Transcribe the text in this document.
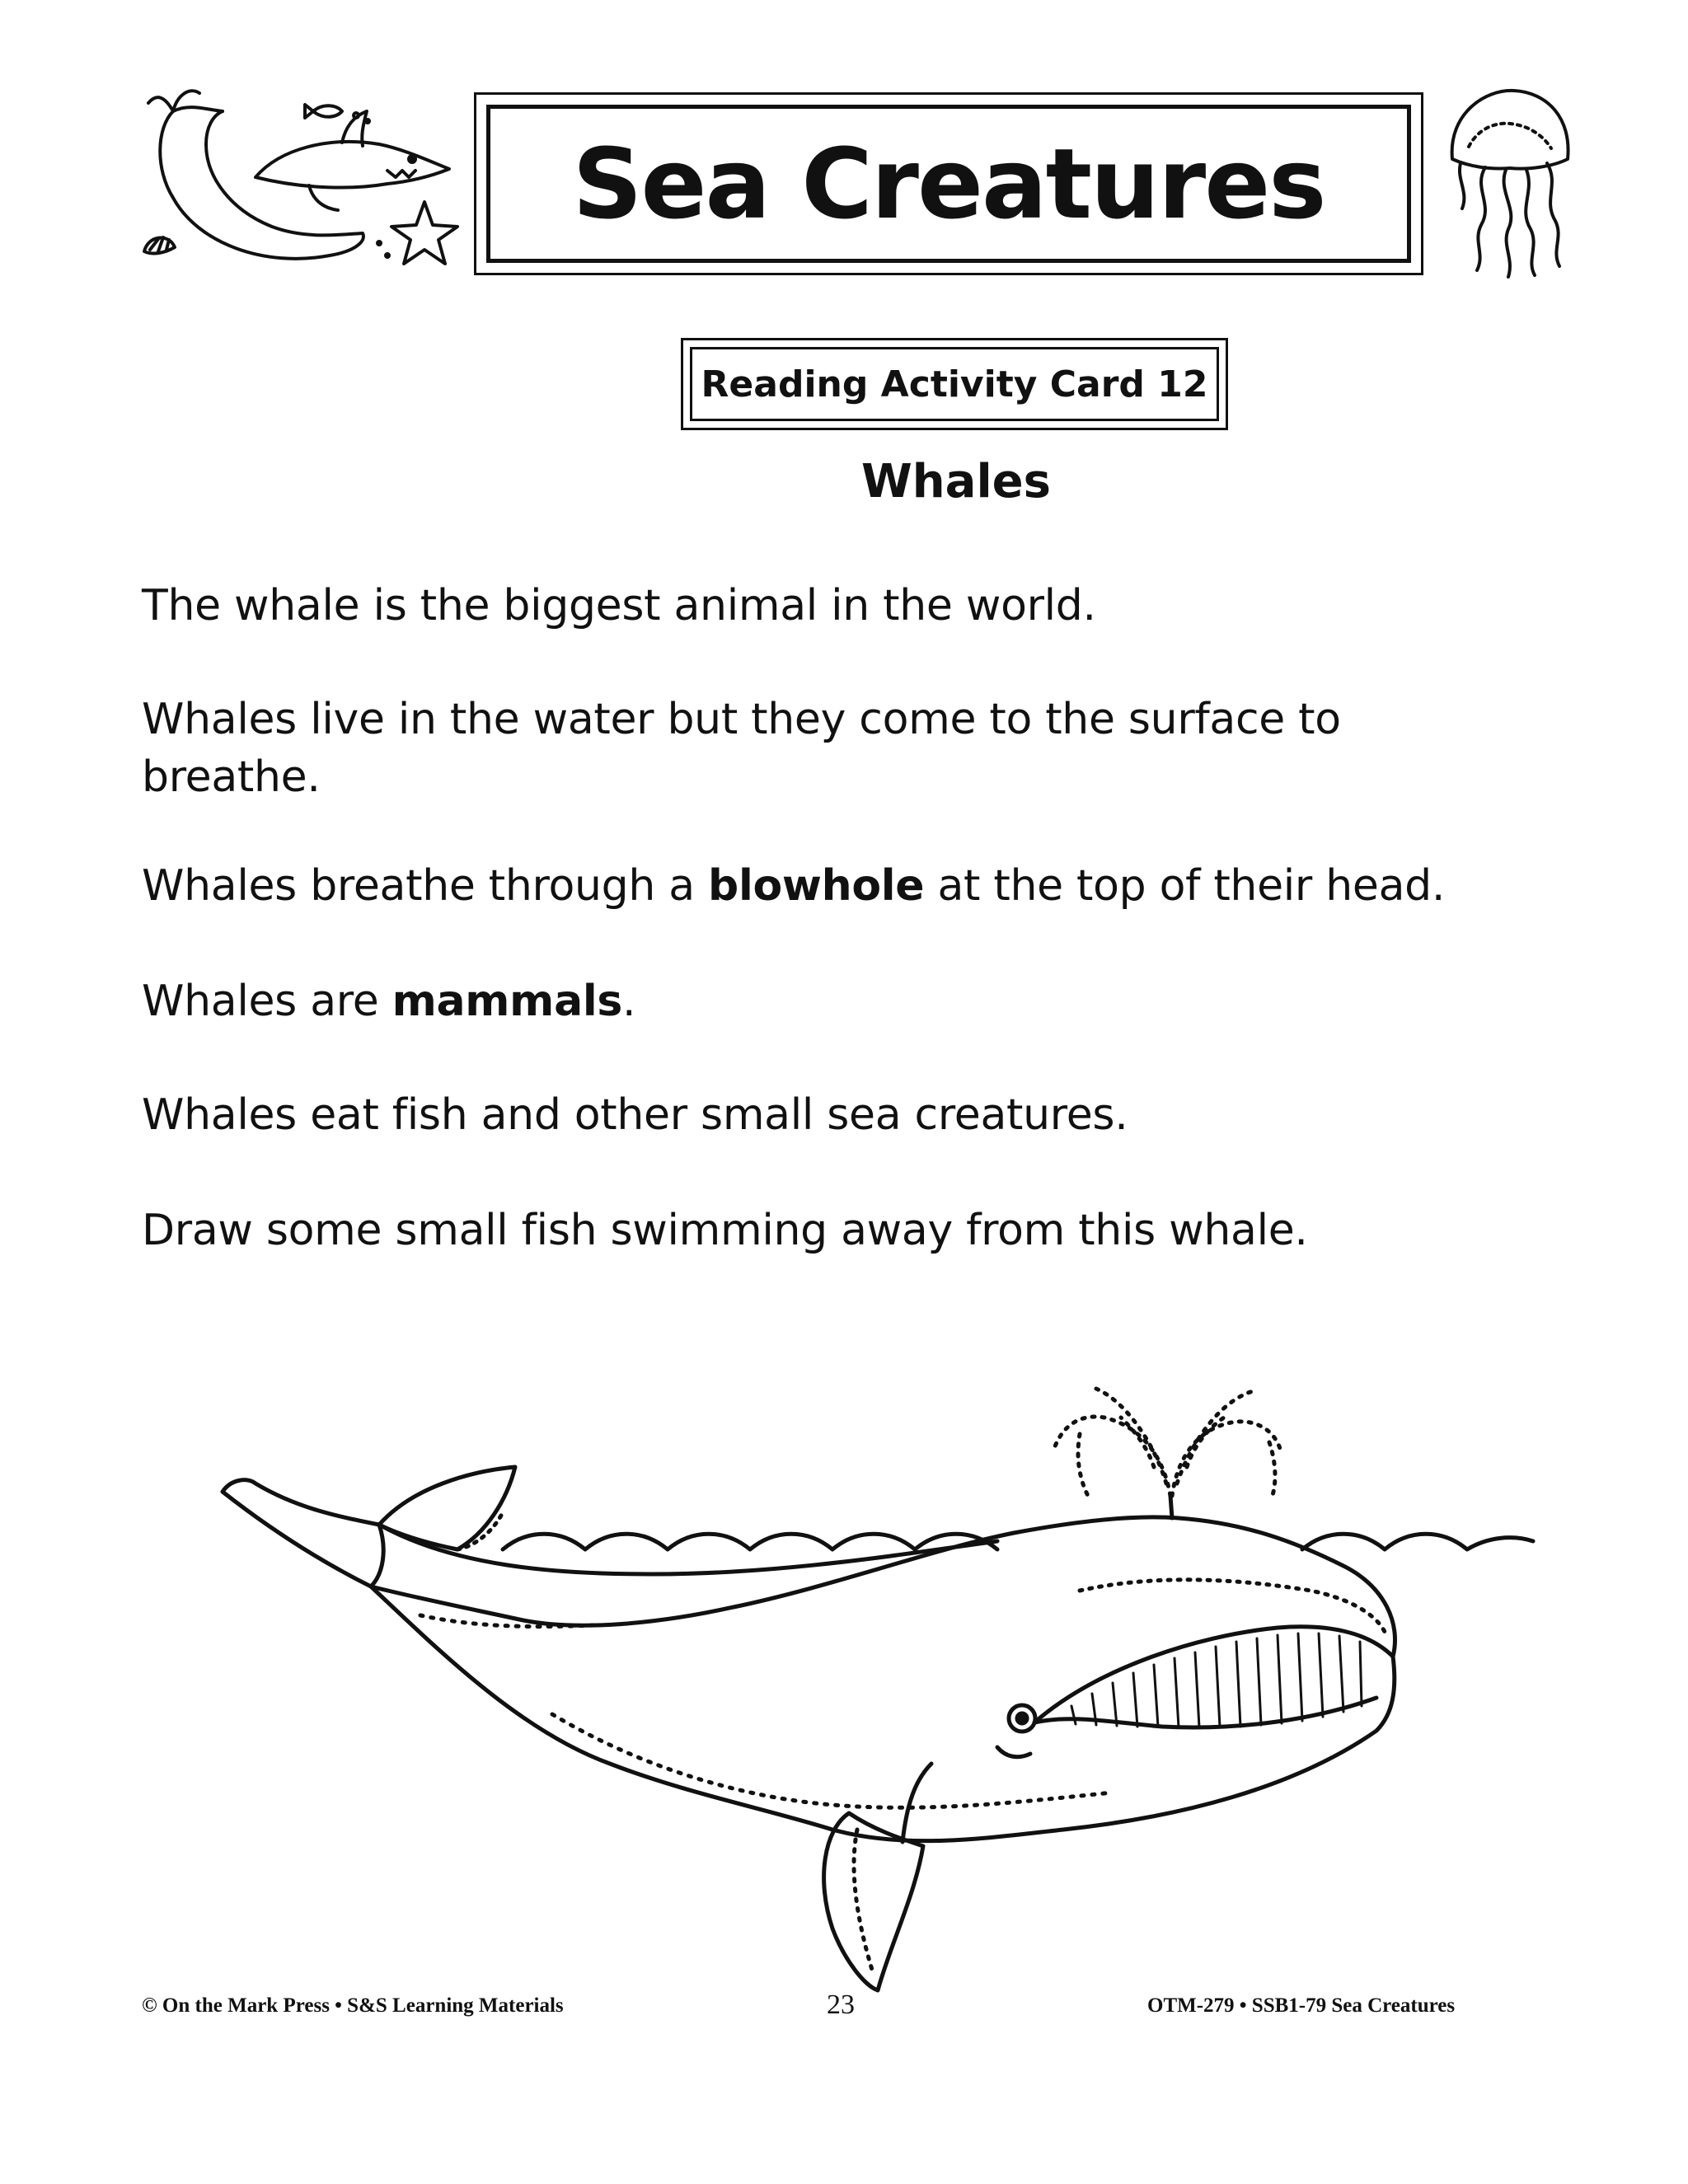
Sea Creatures
Reading Activity Card 12
Whales
The whale is the biggest animal in the world.
Whales live in the water but they come to the surface to
breathe.
Whales breathe through a blowhole at the top of their head.
Whales are mammals.
Whales eat fish and other small sea creatures.
Draw some small fish swimming away from this whale.
© On the Mark Press • S&S Learning Materials	23	OTM-279 • SSB1-79 Sea Creatures
